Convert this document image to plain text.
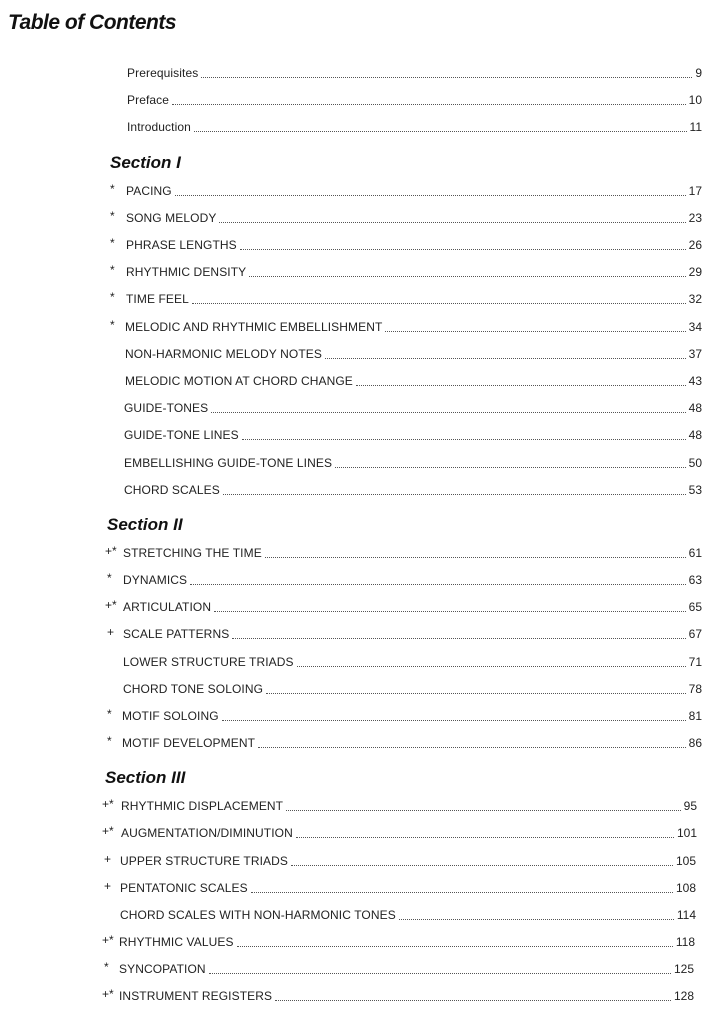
Table of Contents
Prerequisites	9
Preface	10
Introduction	11
Section I
* PACING	17
* SONG MELODY	23
* PHRASE LENGTHS	26
* RHYTHMIC DENSITY	29
* TIME FEEL	32
* MELODIC AND RHYTHMIC EMBELLISHMENT	34
NON-HARMONIC MELODY NOTES	37
MELODIC MOTION AT CHORD CHANGE	43
GUIDE-TONES	48
GUIDE-TONE LINES	48
EMBELLISHING GUIDE-TONE LINES	50
CHORD SCALES	53
Section II
+* STRETCHING THE TIME	61
* DYNAMICS	63
+* ARTICULATION	65
+ SCALE PATTERNS	67
LOWER STRUCTURE TRIADS	71
CHORD TONE SOLOING	78
* MOTIF SOLOING	81
* MOTIF DEVELOPMENT	86
Section III
+* RHYTHMIC DISPLACEMENT	95
+* AUGMENTATION/DIMINUTION	101
+ UPPER STRUCTURE TRIADS	105
+ PENTATONIC SCALES	108
CHORD SCALES WITH NON-HARMONIC TONES	114
+* RHYTHMIC VALUES	118
* SYNCOPATION	125
+* INSTRUMENT REGISTERS	128
